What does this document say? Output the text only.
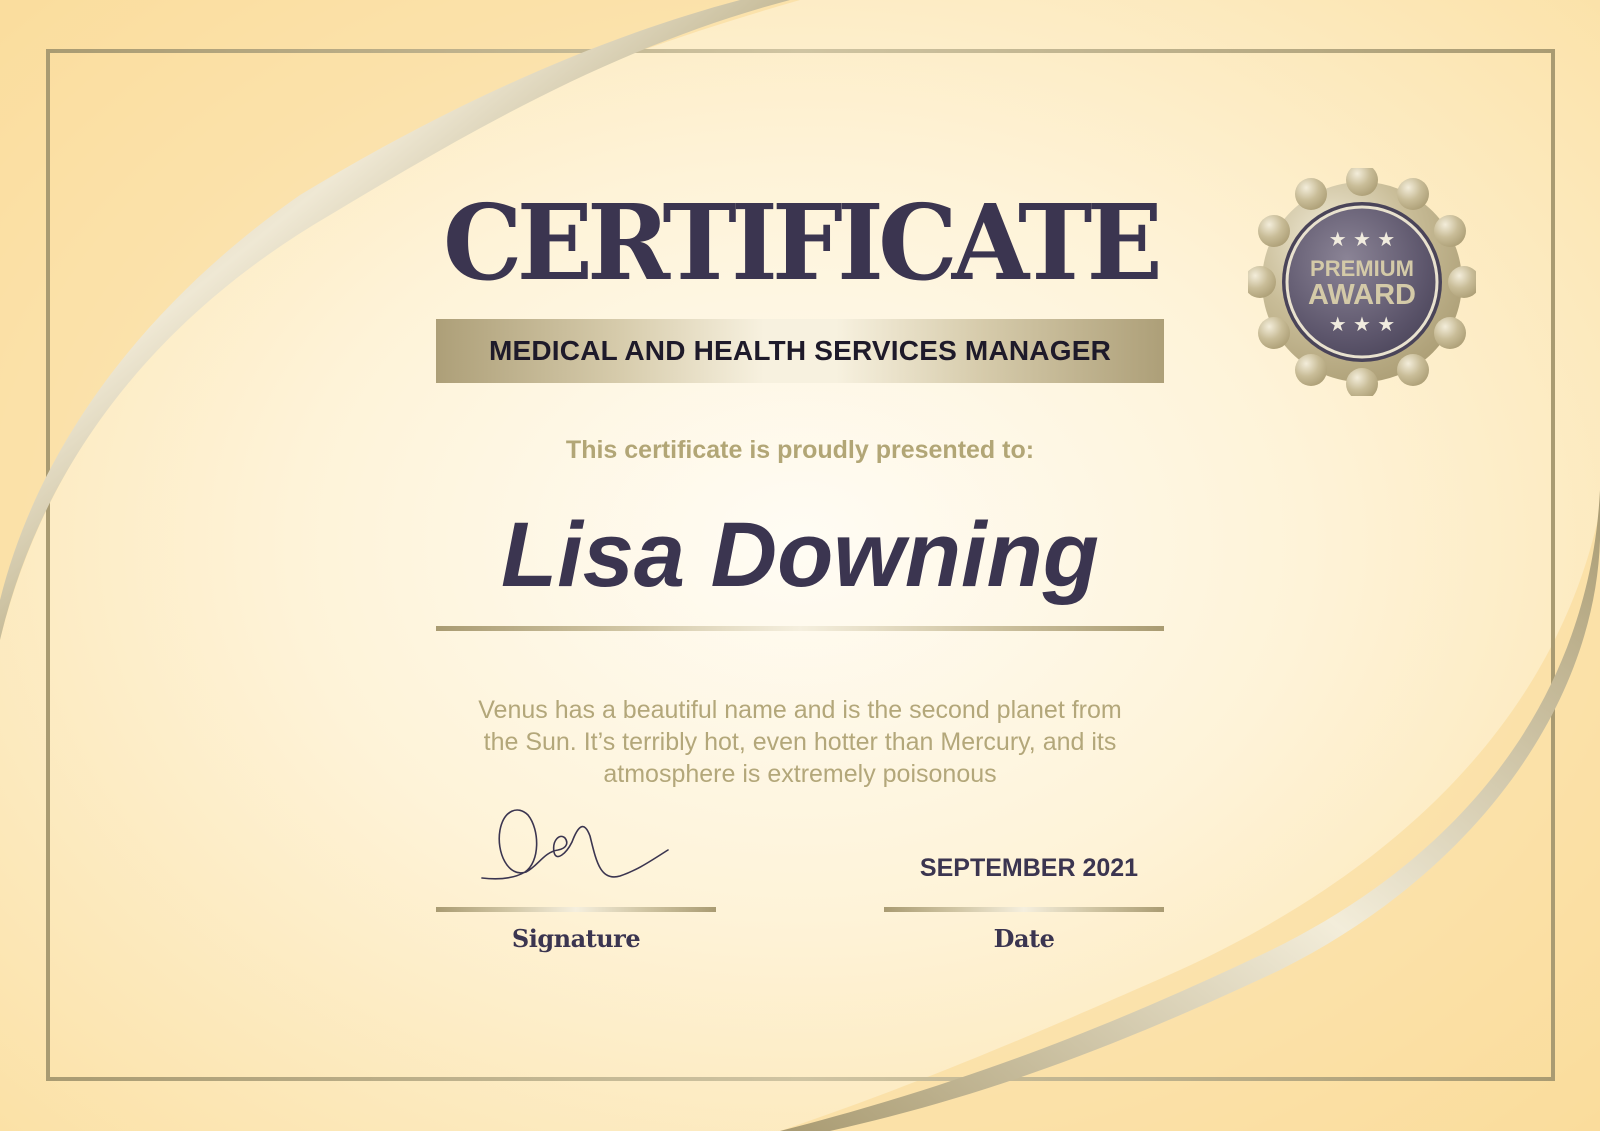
CERTIFICATE
MEDICAL AND HEALTH SERVICES MANAGER
This certificate is proudly presented to:
Lisa Downing
Venus has a beautiful name and is the second planet from the Sun. It’s terribly hot, even hotter than Mercury, and its atmosphere is extremely poisonous
SEPTEMBER 2021
Signature	Date
★ ★ ★
PREMIUM
AWARD
★ ★ ★
